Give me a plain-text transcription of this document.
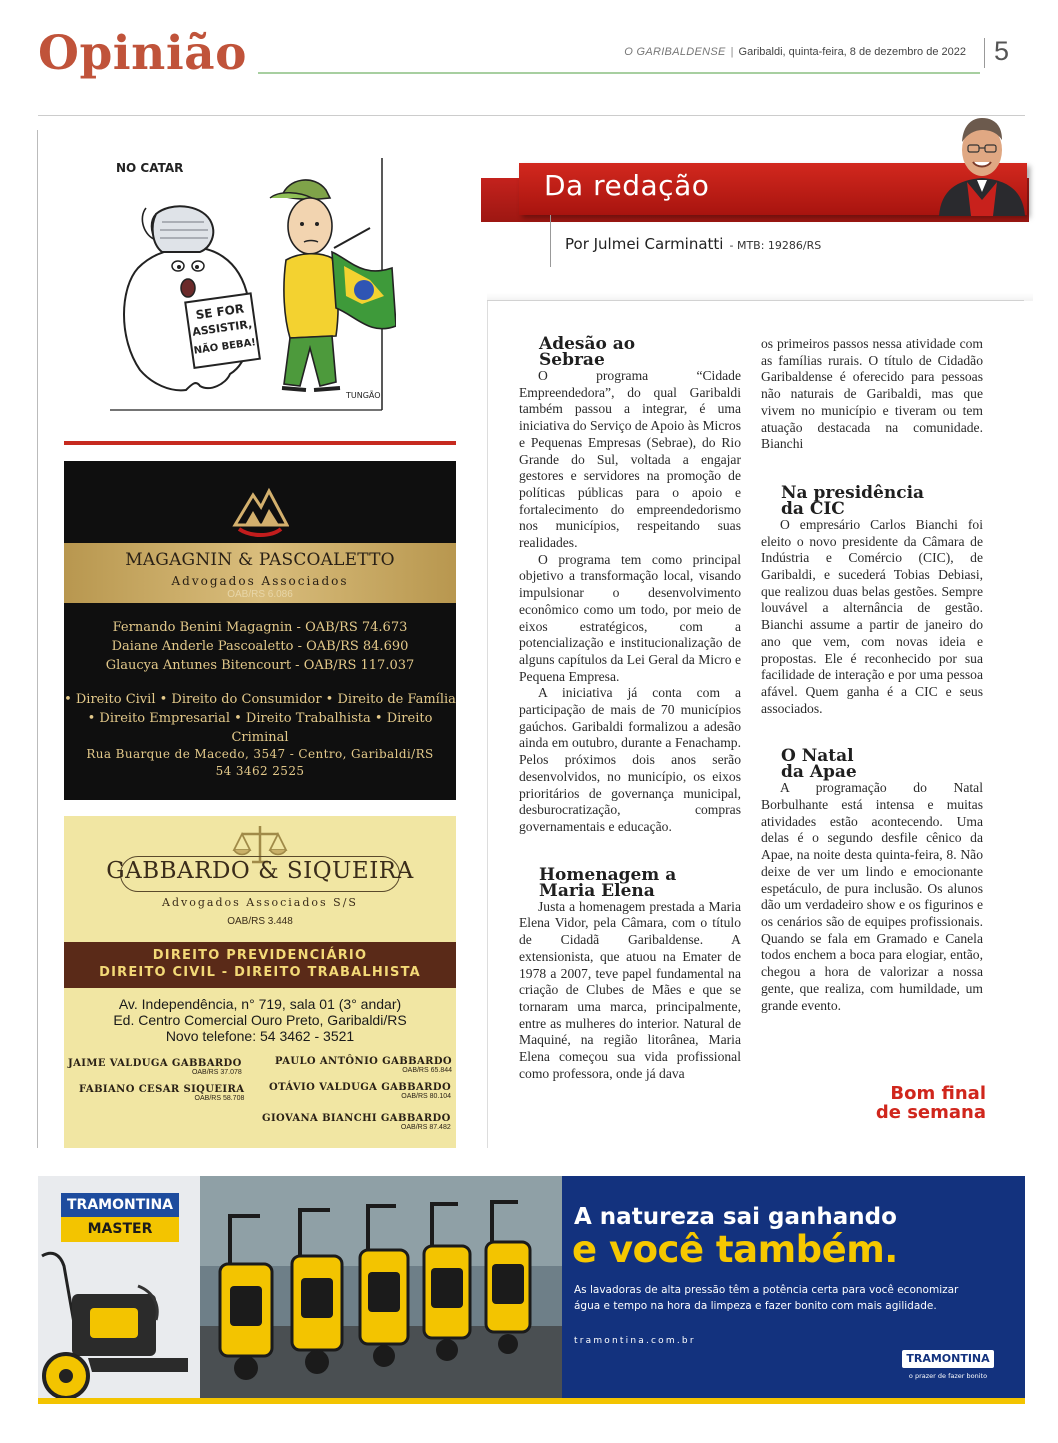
Opinião	O GARIBALDENSE | Garibaldi, quinta-feira, 8 de dezembro de 2022 5
NO CATAR
SE FOR
ASSISTIR,
NÃO BEBA!
TUNGÃO!
MAGAGNIN & PASCOALETTO
Advogados Associados
OAB/RS 6.086
Fernando Benini Magagnin - OAB/RS 74.673
Daiane Anderle Pascoaletto - OAB/RS 84.690
Glaucya Antunes Bitencourt - OAB/RS 117.037
• Direito Civil • Direito do Consumidor • Direito de Família
• Direito Empresarial • Direito Trabalhista • Direito Criminal
Rua Buarque de Macedo, 3547 - Centro, Garibaldi/RS
54 3462 2525
GABBARDO & SIQUEIRA
Advogados Associados S/S
OAB/RS 3.448
DIREITO PREVIDENCIÁRIO
DIREITO CIVIL - DIREITO TRABALHISTA
Av. Independência, n° 719, sala 01 (3° andar)
Ed. Centro Comercial Ouro Preto, Garibaldi/RS
Novo telefone: 54 3462 - 3521
JAIME VALDUGA GABBARDO
OAB/RS 37.078
PAULO ANTÔNIO GABBARDO
OAB/RS 65.844
FABIANO CESAR SIQUEIRA
OAB/RS 58.708
OTÁVIO VALDUGA GABBARDO
OAB/RS 80.104
GIOVANA BIANCHI GABBARDO
OAB/RS 87.482
Da redação
Por Julmei Carminatti - MTB: 19286/RS
Adesão ao
Sebrae

O programa “Cidade Empreendedora”, do qual Garibaldi também passou a integrar, é uma iniciativa do Serviço de Apoio às Micros e Pequenas Empresas (Sebrae), do Rio Grande do Sul, voltada a engajar gestores e servidores na promoção de políticas públicas para o apoio e fortalecimento do empreendedorismo nos municípios, respeitando suas realidades.

O programa tem como principal objetivo a transformação local, visando impulsionar o desenvolvimento econômico como um todo, por meio de eixos estratégicos, com a potencialização e institucionalização de alguns capítulos da Lei Geral da Micro e Pequena Empresa.

A iniciativa já conta com a participação de mais de 70 municípios gaúchos. Garibaldi formalizou a adesão ainda em outubro, durante a Fenachamp. Pelos próximos dois anos serão desenvolvidos, no município, os eixos prioritários de governança municipal, desburocratização, compras governamentais e educação.

Homenagem a
Maria Elena

Justa a homenagem prestada a Maria Elena Vidor, pela Câmara, com o título de Cidadã Garibaldense. A extensionista, que atuou na Emater de 1978 a 2007, teve papel fundamental na criação de Clubes de Mães e que se tornaram uma marca, principalmente, entre as mulheres do interior. Natural de Maquiné, na região litorânea, Maria Elena começou sua vida profissional como professora, onde já dava

os primeiros passos nessa atividade com as famílias rurais. O título de Cidadão Garibaldense é oferecido para pessoas não naturais de Garibaldi, mas que vivem no município e tiveram ou tem atuação destacada na comunidade. Bianchi

Na presidência
da CIC

O empresário Carlos Bianchi foi eleito o novo presidente da Câmara de Indústria e Comércio (CIC), de Garibaldi, e sucederá Tobias Debiasi, que realizou duas belas gestões. Sempre louvável a alternância de gestão. Bianchi assume a partir de janeiro do ano que vem, com novas ideia e propostas. Ele é reconhecido por sua facilidade de interação e por uma pessoa afável. Quem ganha é a CIC e seus associados.

O Natal
da Apae

A programação do Natal Borbulhante está intensa e muitas atividades estão acontecendo. Uma delas é o segundo desfile cênico da Apae, na noite desta quinta-feira, 8. Não deixe de ver um lindo e emocionante espetáculo, de pura inclusão. Os alunos dão um verdadeiro show e os figurinos e os cenários são de equipes profissionais. Quando se fala em Gramado e Canela todos enchem a boca para elogiar, então, chegou a hora de valorizar a nossa gente, que realiza, com humildade, um grande evento.

Bom final
de semana
TRAMONTINA
MASTER	A natureza sai ganhando
e você também.
As lavadoras de alta pressão têm a potência certa para você economizar água e tempo na hora da limpeza e fazer bonito com mais agilidade.
tramontina.com.br
TRAMONTINA
o prazer de fazer bonito
